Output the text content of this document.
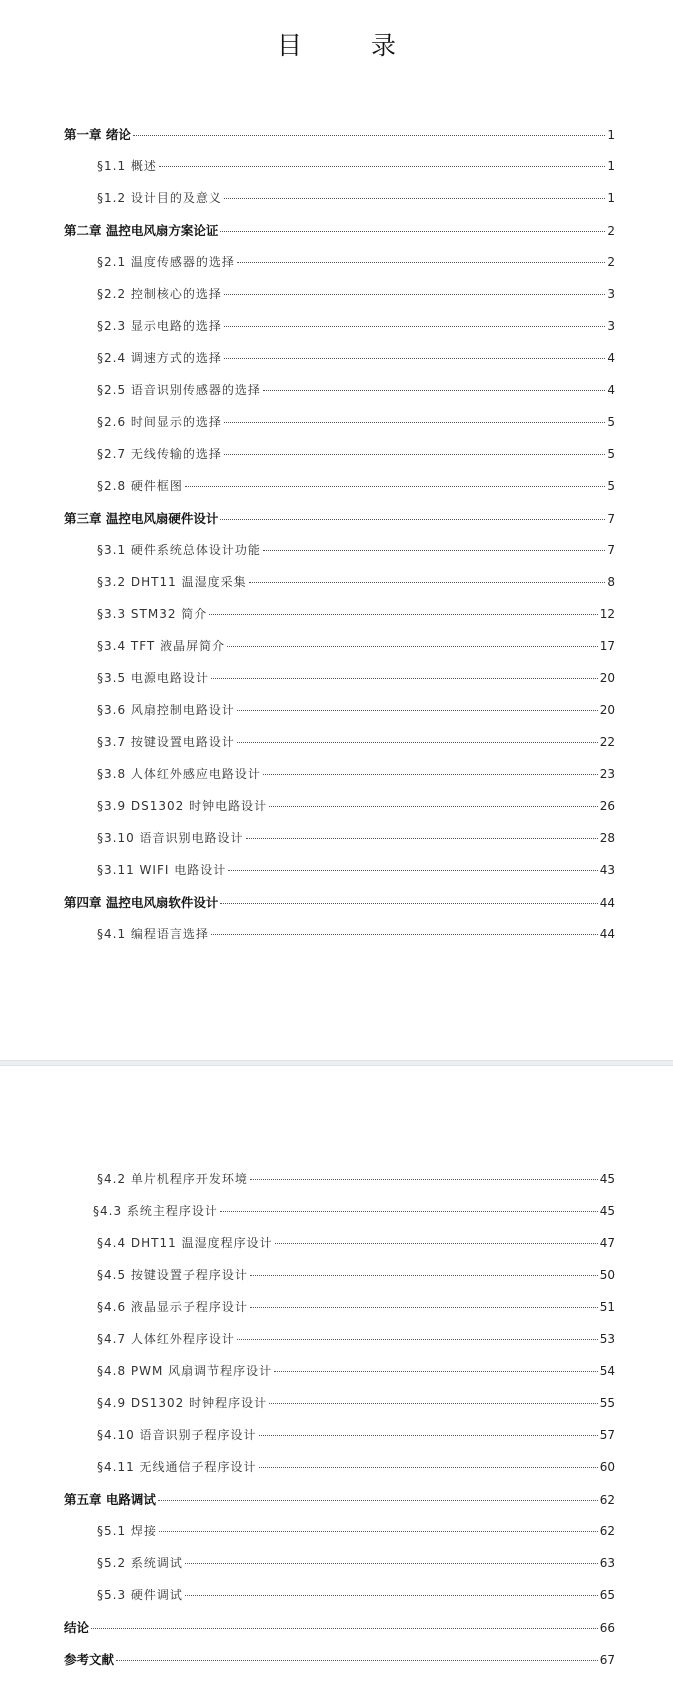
目　录
第一章 绪论	1
§1.1 概述	1
§1.2 设计目的及意义	1
第二章 温控电风扇方案论证	2
§2.1 温度传感器的选择	2
§2.2 控制核心的选择	3
§2.3 显示电路的选择	3
§2.4 调速方式的选择	4
§2.5 语音识别传感器的选择	4
§2.6 时间显示的选择	5
§2.7 无线传输的选择	5
§2.8 硬件框图	5
第三章 温控电风扇硬件设计	7
§3.1 硬件系统总体设计功能	7
§3.2 DHT11 温湿度采集	8
§3.3 STM32 简介	12
§3.4 TFT 液晶屏简介	17
§3.5 电源电路设计	20
§3.6 风扇控制电路设计	20
§3.7 按键设置电路设计	22
§3.8 人体红外感应电路设计	23
§3.9 DS1302 时钟电路设计	26
§3.10 语音识别电路设计	28
§3.11 WIFI 电路设计	43
第四章 温控电风扇软件设计	44
§4.1 编程语言选择	44
§4.2 单片机程序开发环境	45
§4.3 系统主程序设计	45
§4.4 DHT11 温湿度程序设计	47
§4.5 按键设置子程序设计	50
§4.6 液晶显示子程序设计	51
§4.7 人体红外程序设计	53
§4.8 PWM 风扇调节程序设计	54
§4.9 DS1302 时钟程序设计	55
§4.10 语音识别子程序设计	57
§4.11 无线通信子程序设计	60
第五章 电路调试	62
§5.1 焊接	62
§5.2 系统调试	63
§5.3 硬件调试	65
结论	66
参考文献	67
